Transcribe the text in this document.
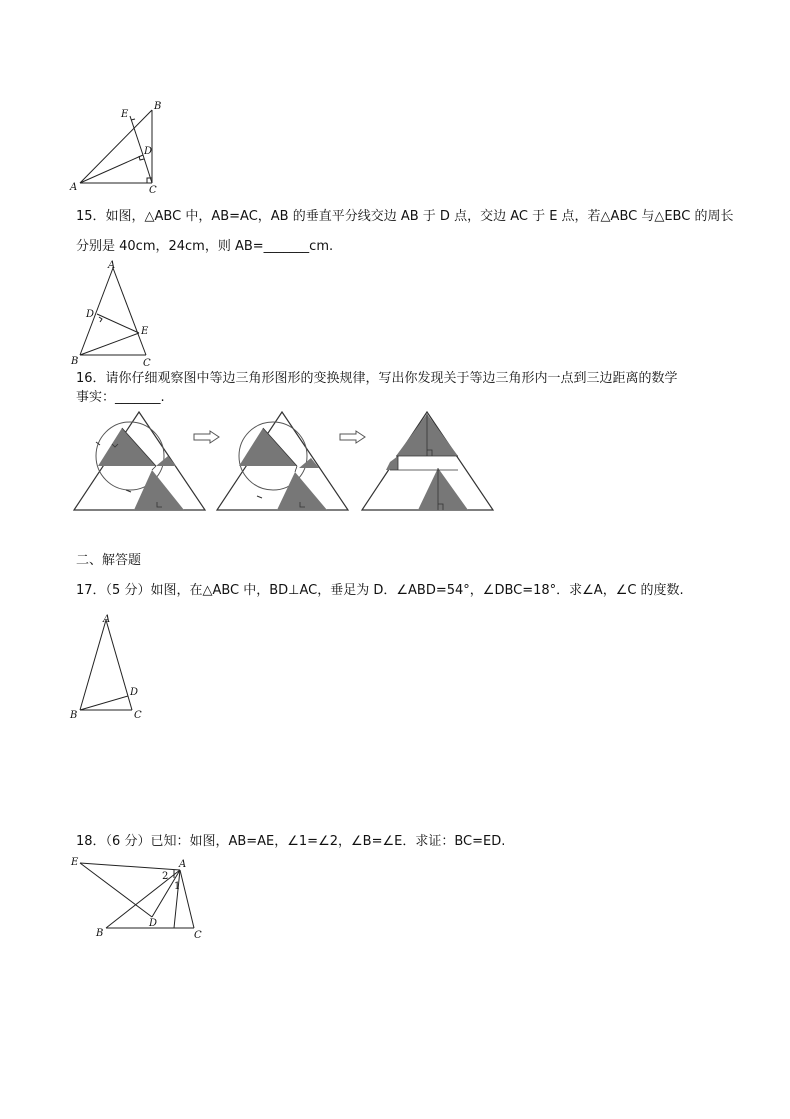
A
B
C
D
E
15．如图，△ABC 中，AB=AC，AB 的垂直平分线交边 AB 于 D 点，交边 AC 于 E 点，若△ABC 与△EBC 的周长
分别是 40cm，24cm，则 AB=_______cm.
A
B	C
D
E
16．请你仔细观察图中等边三角形图形的变换规律，写出你发现关于等边三角形内一点到三边距离的数学
事实：_______.
二、解答题
17．（5 分）如图，在△ABC 中，BD⊥AC，垂足为 D．∠ABD=54°，∠DBC=18°．求∠A，∠C 的度数.
A
B	C
D
18．（6 分）已知：如图，AB=AE，∠1=∠2，∠B=∠E．求证：BC=ED.
E	A
B	C
D
2
1
